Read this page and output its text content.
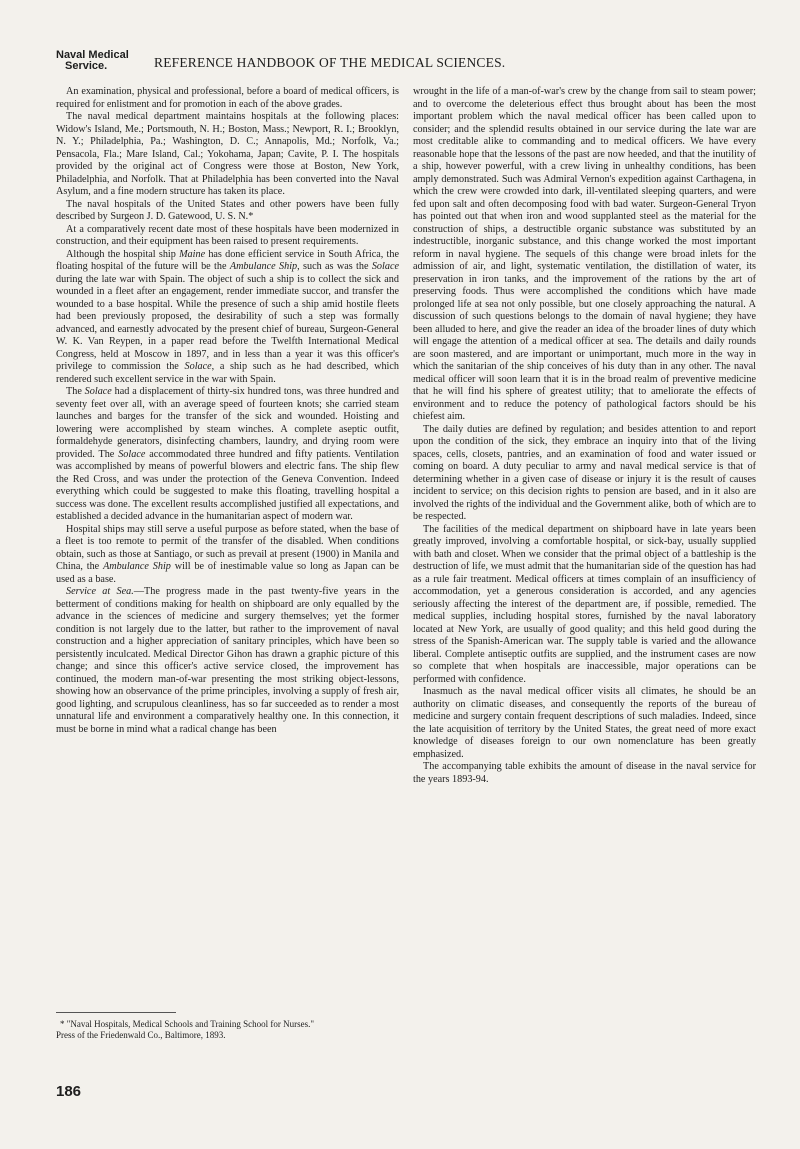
Naval Medical
Service.	REFERENCE HANDBOOK OF THE MEDICAL SCIENCES.

An examination, physical and professional, before a board of medical officers, is required for enlistment and for promotion in each of the above grades.

The naval medical department maintains hospitals at the following places: Widow's Island, Me.; Portsmouth, N. H.; Boston, Mass.; Newport, R. I.; Brooklyn, N. Y.; Philadelphia, Pa.; Washington, D. C.; Annapolis, Md.; Norfolk, Va.; Pensacola, Fla.; Mare Island, Cal.; Yokohama, Japan; Cavite, P. I. The hospitals provided by the original act of Congress were those at Boston, New York, Philadelphia, and Norfolk. That at Philadelphia has been converted into the Naval Asylum, and a fine modern structure has taken its place.

The naval hospitals of the United States and other powers have been fully described by Surgeon J. D. Gatewood, U. S. N.*

At a comparatively recent date most of these hospitals have been modernized in construction, and their equipment has been raised to present requirements.

Although the hospital ship Maine has done efficient service in South Africa, the floating hospital of the future will be the Ambulance Ship, such as was the Solace during the late war with Spain. The object of such a ship is to collect the sick and wounded in a fleet after an engagement, render immediate succor, and transfer the wounded to a base hospital. While the presence of such a ship amid hostile fleets had been previously proposed, the desirability of such a step was formally advanced, and earnestly advocated by the present chief of bureau, Surgeon-General W. K. Van Reypen, in a paper read before the Twelfth International Medical Congress, held at Moscow in 1897, and in less than a year it was this officer's privilege to commission the Solace, a ship such as he had described, which rendered such excellent service in the war with Spain.

The Solace had a displacement of thirty-six hundred tons, was three hundred and seventy feet over all, with an average speed of fourteen knots; she carried steam launches and barges for the transfer of the sick and wounded. Hoisting and lowering were accomplished by steam winches. A complete aseptic outfit, formaldehyde generators, disinfecting chambers, laundry, and drying room were provided. The Solace accommodated three hundred and fifty patients. Ventilation was accomplished by means of powerful blowers and electric fans. The ship flew the Red Cross, and was under the protection of the Geneva Convention. Indeed everything which could be suggested to make this floating, travelling hospital a success was done. The excellent results accomplished justified all expectations, and established a decided advance in the humanitarian aspect of modern war.

Hospital ships may still serve a useful purpose as before stated, when the base of a fleet is too remote to permit of the transfer of the disabled. When conditions obtain, such as those at Santiago, or such as prevail at present (1900) in Manila and China, the Ambulance Ship will be of inestimable value so long as Japan can be used as a base.

Service at Sea.—The progress made in the past twenty-five years in the betterment of conditions making for health on shipboard are only equalled by the advance in the sciences of medicine and surgery themselves; yet the former condition is not largely due to the latter, but rather to the improvement of naval construction and a higher appreciation of sanitary principles, which have been so persistently inculcated. Medical Director Gihon has drawn a graphic picture of this change; and since this officer's active service closed, the improvement has continued, the modern man-of-war presenting the most striking object-lessons, showing how an observance of the prime principles, involving a supply of fresh air, good lighting, and scrupulous cleanliness, has so far succeeded as to render a most unnatural life and environment a comparatively healthy one. In this connection, it must be borne in mind what a radical change has been

* "Naval Hospitals, Medical Schools and Training School for Nurses."
Press of the Friedenwald Co., Baltimore, 1893.

wrought in the life of a man-of-war's crew by the change from sail to steam power; and to overcome the deleterious effect thus brought about has been the most important problem which the naval medical officer has been called upon to consider; and the splendid results obtained in our service during the late war are most creditable alike to commanding and to medical officers. We have every reasonable hope that the lessons of the past are now heeded, and that the inutility of a ship, however powerful, with a crew living in unhealthy conditions, has been amply demonstrated. Such was Admiral Vernon's expedition against Carthagena, in which the crew were crowded into dark, ill-ventilated sleeping quarters, and were fed upon salt and often decomposing food with bad water. Surgeon-General Tryon has pointed out that when iron and wood supplanted steel as the material for the construction of ships, a destructible organic substance was substituted by an indestructible, inorganic substance, and this change worked the most important reform in naval hygiene. The sequels of this change were broad inlets for the admission of air, and light, systematic ventilation, the distillation of water, its preservation in iron tanks, and the improvement of the rations by the art of preserving foods. Thus were accomplished the conditions which have made prolonged life at sea not only possible, but one closely approaching the natural. A discussion of such questions belongs to the domain of naval hygiene; they have been alluded to here, and give the reader an idea of the broader lines of duty which will engage the attention of a medical officer at sea. The details and daily rounds are soon mastered, and are important or unimportant, much more in the way in which the sanitarian of the ship conceives of his duty than in any other. The naval medical officer will soon learn that it is in the broad realm of preventive medicine that he will find his sphere of greatest utility; that to ameliorate the effects of environment and to reduce the potency of pathological factors should be his chiefest aim.

The daily duties are defined by regulation; and besides attention to and report upon the condition of the sick, they embrace an inquiry into that of the living spaces, cells, closets, pantries, and an examination of food and water issued or coming on board. A duty peculiar to army and naval medical service is that of determining whether in a given case of disease or injury it is the result of causes incident to service; on this decision rights to pension are based, and in it also are involved the rights of the individual and the Government alike, both of which are to be respected.

The facilities of the medical department on shipboard have in late years been greatly improved, involving a comfortable hospital, or sick-bay, usually supplied with bath and closet. When we consider that the primal object of a battleship is the destruction of life, we must admit that the humanitarian side of the question has had as a rule fair treatment. Medical officers at times complain of an insufficiency of accommodation, yet a generous consideration is accorded, and any agencies seriously affecting the interest of the department are, if possible, remedied. The medical supplies, including hospital stores, furnished by the naval laboratory located at New York, are usually of good quality; and this held good during the stress of the Spanish-American war. The supply table is varied and the allowance liberal. Complete antiseptic outfits are supplied, and the instrument cases are now so complete that when hospitals are inaccessible, major operations can be performed with confidence.

Inasmuch as the naval medical officer visits all climates, he should be an authority on climatic diseases, and consequently the reports of the bureau of medicine and surgery contain frequent descriptions of such maladies. Indeed, since the late acquisition of territory by the United States, the great need of more exact knowledge of diseases foreign to our own nomenclature has been greatly emphasized.

The accompanying table exhibits the amount of disease in the naval service for the years 1893-94.

186
